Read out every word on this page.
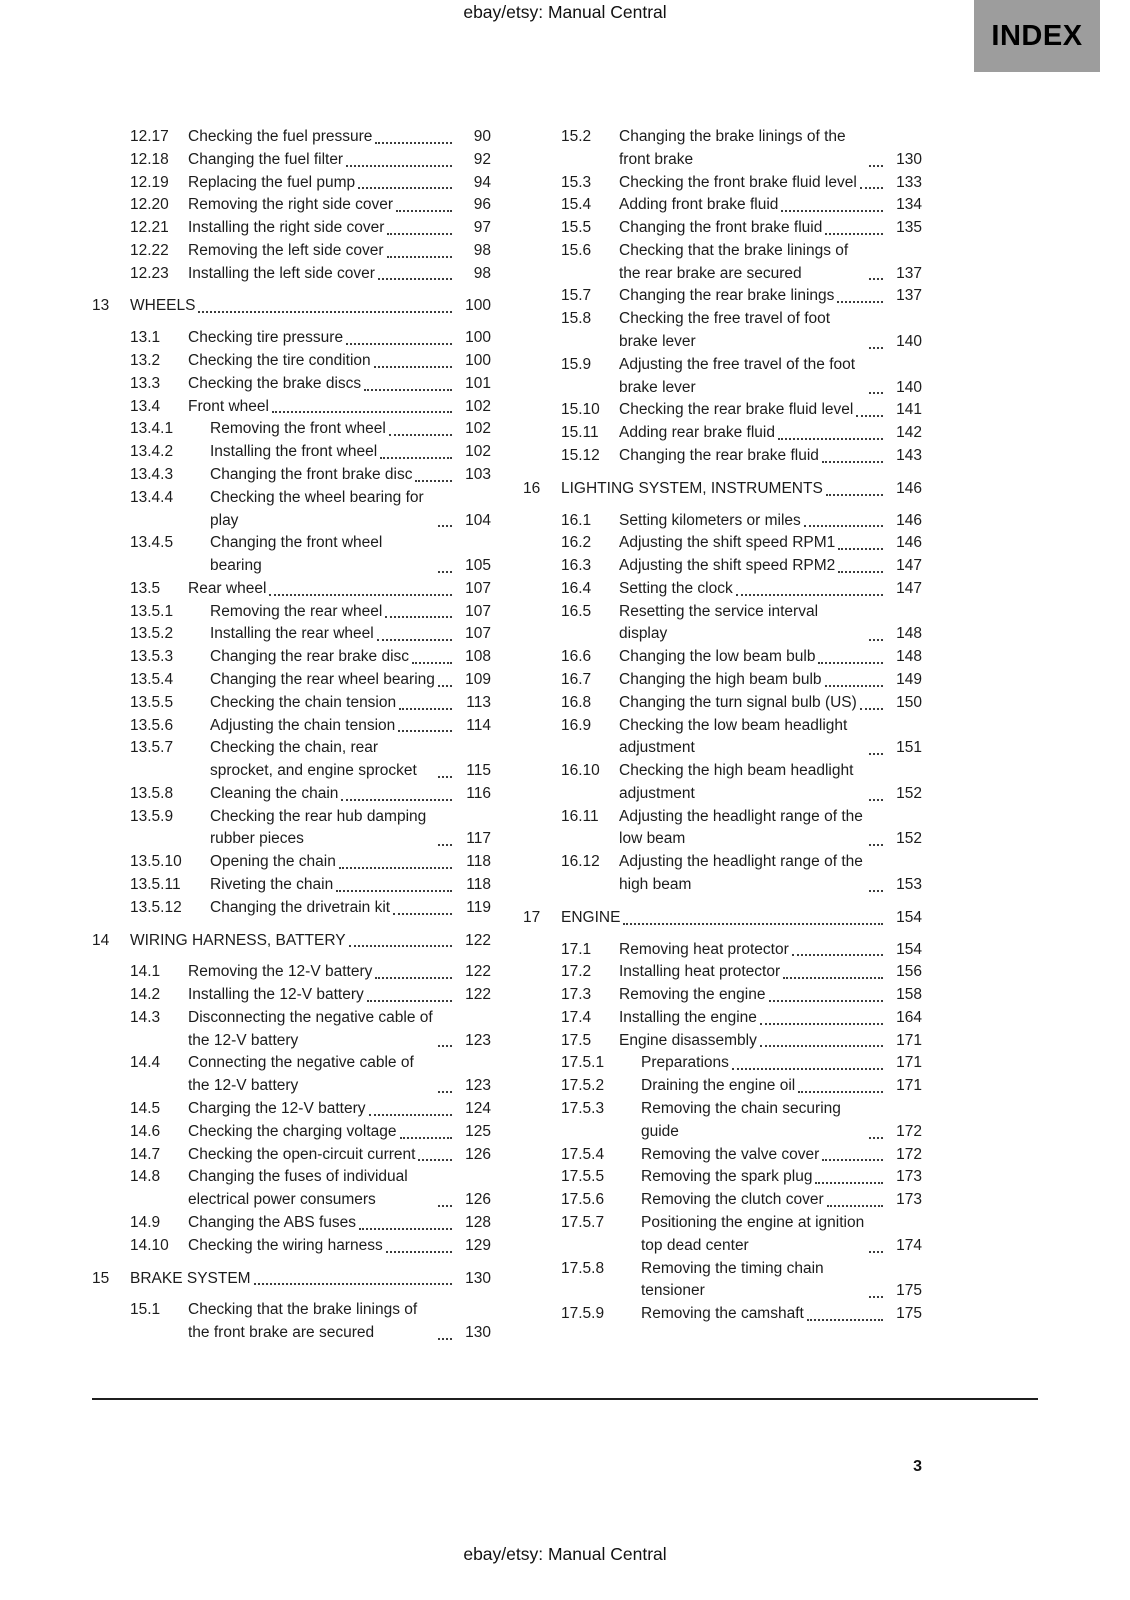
ebay/etsy: Manual Central
INDEX
12.17	Checking the fuel pressure	90
12.18	Changing the fuel filter	92
12.19	Replacing the fuel pump	94
12.20	Removing the right side cover	96
12.21	Installing the right side cover	97
12.22	Removing the left side cover	98
12.23	Installing the left side cover	98
13	WHEELS	100
13.1	Checking tire pressure	100
13.2	Checking the tire condition	100
13.3	Checking the brake discs	101
13.4	Front wheel	102
13.4.1	Removing the front wheel	102
13.4.2	Installing the front wheel	102
13.4.3	Changing the front brake disc	103
13.4.4	Checking the wheel bearing for play	104
13.4.5	Changing the front wheel bearing	105
13.5	Rear wheel	107
13.5.1	Removing the rear wheel	107
13.5.2	Installing the rear wheel	107
13.5.3	Changing the rear brake disc	108
13.5.4	Changing the rear wheel bearing	109
13.5.5	Checking the chain tension	113
13.5.6	Adjusting the chain tension	114
13.5.7	Checking the chain, rear sprocket, and engine sprocket	115
13.5.8	Cleaning the chain	116
13.5.9	Checking the rear hub damping rubber pieces	117
13.5.10	Opening the chain	118
13.5.11	Riveting the chain	118
13.5.12	Changing the drivetrain kit	119
14	WIRING HARNESS, BATTERY	122
14.1	Removing the 12-V battery	122
14.2	Installing the 12-V battery	122
14.3	Disconnecting the negative cable of the 12-V battery	123
14.4	Connecting the negative cable of the 12-V battery	123
14.5	Charging the 12-V battery	124
14.6	Checking the charging voltage	125
14.7	Checking the open-circuit current	126
14.8	Changing the fuses of individual electrical power consumers	126
14.9	Changing the ABS fuses	128
14.10	Checking the wiring harness	129
15	BRAKE SYSTEM	130
15.1	Checking that the brake linings of the front brake are secured	130
15.2	Changing the brake linings of the front brake	130
15.3	Checking the front brake fluid level	133
15.4	Adding front brake fluid	134
15.5	Changing the front brake fluid	135
15.6	Checking that the brake linings of the rear brake are secured	137
15.7	Changing the rear brake linings	137
15.8	Checking the free travel of foot brake lever	140
15.9	Adjusting the free travel of the foot brake lever	140
15.10	Checking the rear brake fluid level	141
15.11	Adding rear brake fluid	142
15.12	Changing the rear brake fluid	143
16	LIGHTING SYSTEM, INSTRUMENTS	146
16.1	Setting kilometers or miles	146
16.2	Adjusting the shift speed RPM1	146
16.3	Adjusting the shift speed RPM2	147
16.4	Setting the clock	147
16.5	Resetting the service interval display	148
16.6	Changing the low beam bulb	148
16.7	Changing the high beam bulb	149
16.8	Changing the turn signal bulb (US)	150
16.9	Checking the low beam headlight adjustment	151
16.10	Checking the high beam headlight adjustment	152
16.11	Adjusting the headlight range of the low beam	152
16.12	Adjusting the headlight range of the high beam	153
17	ENGINE	154
17.1	Removing heat protector	154
17.2	Installing heat protector	156
17.3	Removing the engine	158
17.4	Installing the engine	164
17.5	Engine disassembly	171
17.5.1	Preparations	171
17.5.2	Draining the engine oil	171
17.5.3	Removing the chain securing guide	172
17.5.4	Removing the valve cover	172
17.5.5	Removing the spark plug	173
17.5.6	Removing the clutch cover	173
17.5.7	Positioning the engine at ignition top dead center	174
17.5.8	Removing the timing chain tensioner	175
17.5.9	Removing the camshaft	175
3
ebay/etsy: Manual Central
